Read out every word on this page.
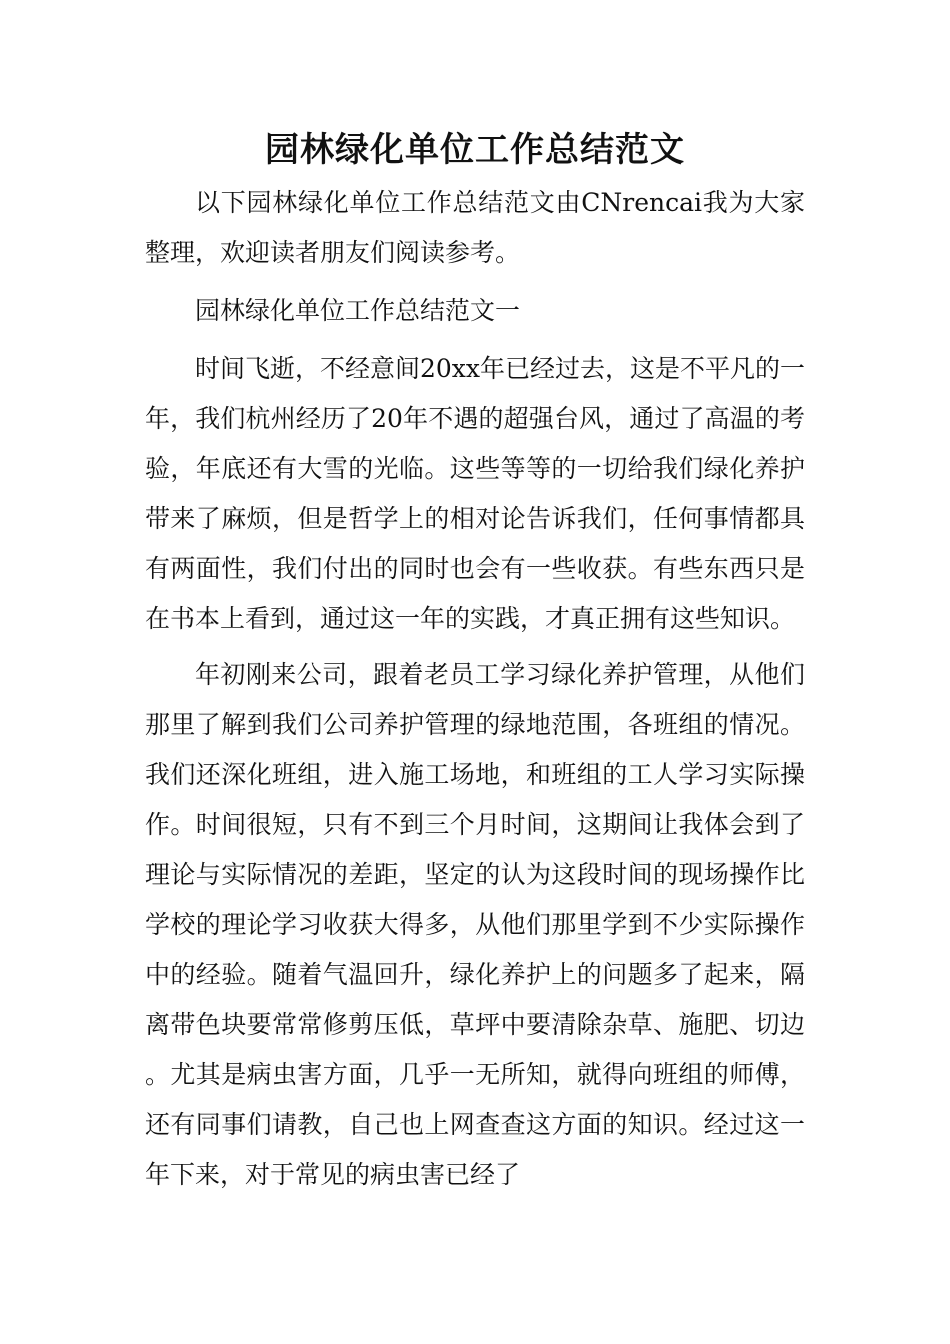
园林绿化单位工作总结范文

以下园林绿化单位工作总结范文由CNrencai我为大家整理，欢迎读者朋友们阅读参考。

园林绿化单位工作总结范文一

时间飞逝，不经意间20xx年已经过去，这是不平凡的一年，我们杭州经历了20年不遇的超强台风，通过了高温的考验，年底还有大雪的光临。这些等等的一切给我们绿化养护带来了麻烦，但是哲学上的相对论告诉我们，任何事情都具有两面性，我们付出的同时也会有一些收获。有些东西只是在书本上看到，通过这一年的实践，才真正拥有这些知识。

年初刚来公司，跟着老员工学习绿化养护管理，从他们那里了解到我们公司养护管理的绿地范围，各班组的情况。我们还深化班组，进入施工场地，和班组的工人学习实际操作。时间很短，只有不到三个月时间，这期间让我体会到了理论与实际情况的差距，坚定的认为这段时间的现场操作比学校的理论学习收获大得多，从他们那里学到不少实际操作中的经验。随着气温回升，绿化养护上的问题多了起来，隔离带色块要常常修剪压低，草坪中要清除杂草、施肥、切边。尤其是病虫害方面，几乎一无所知，就得向班组的师傅，还有同事们请教，自己也上网查查这方面的知识。经过这一年下来，对于常见的病虫害已经了
